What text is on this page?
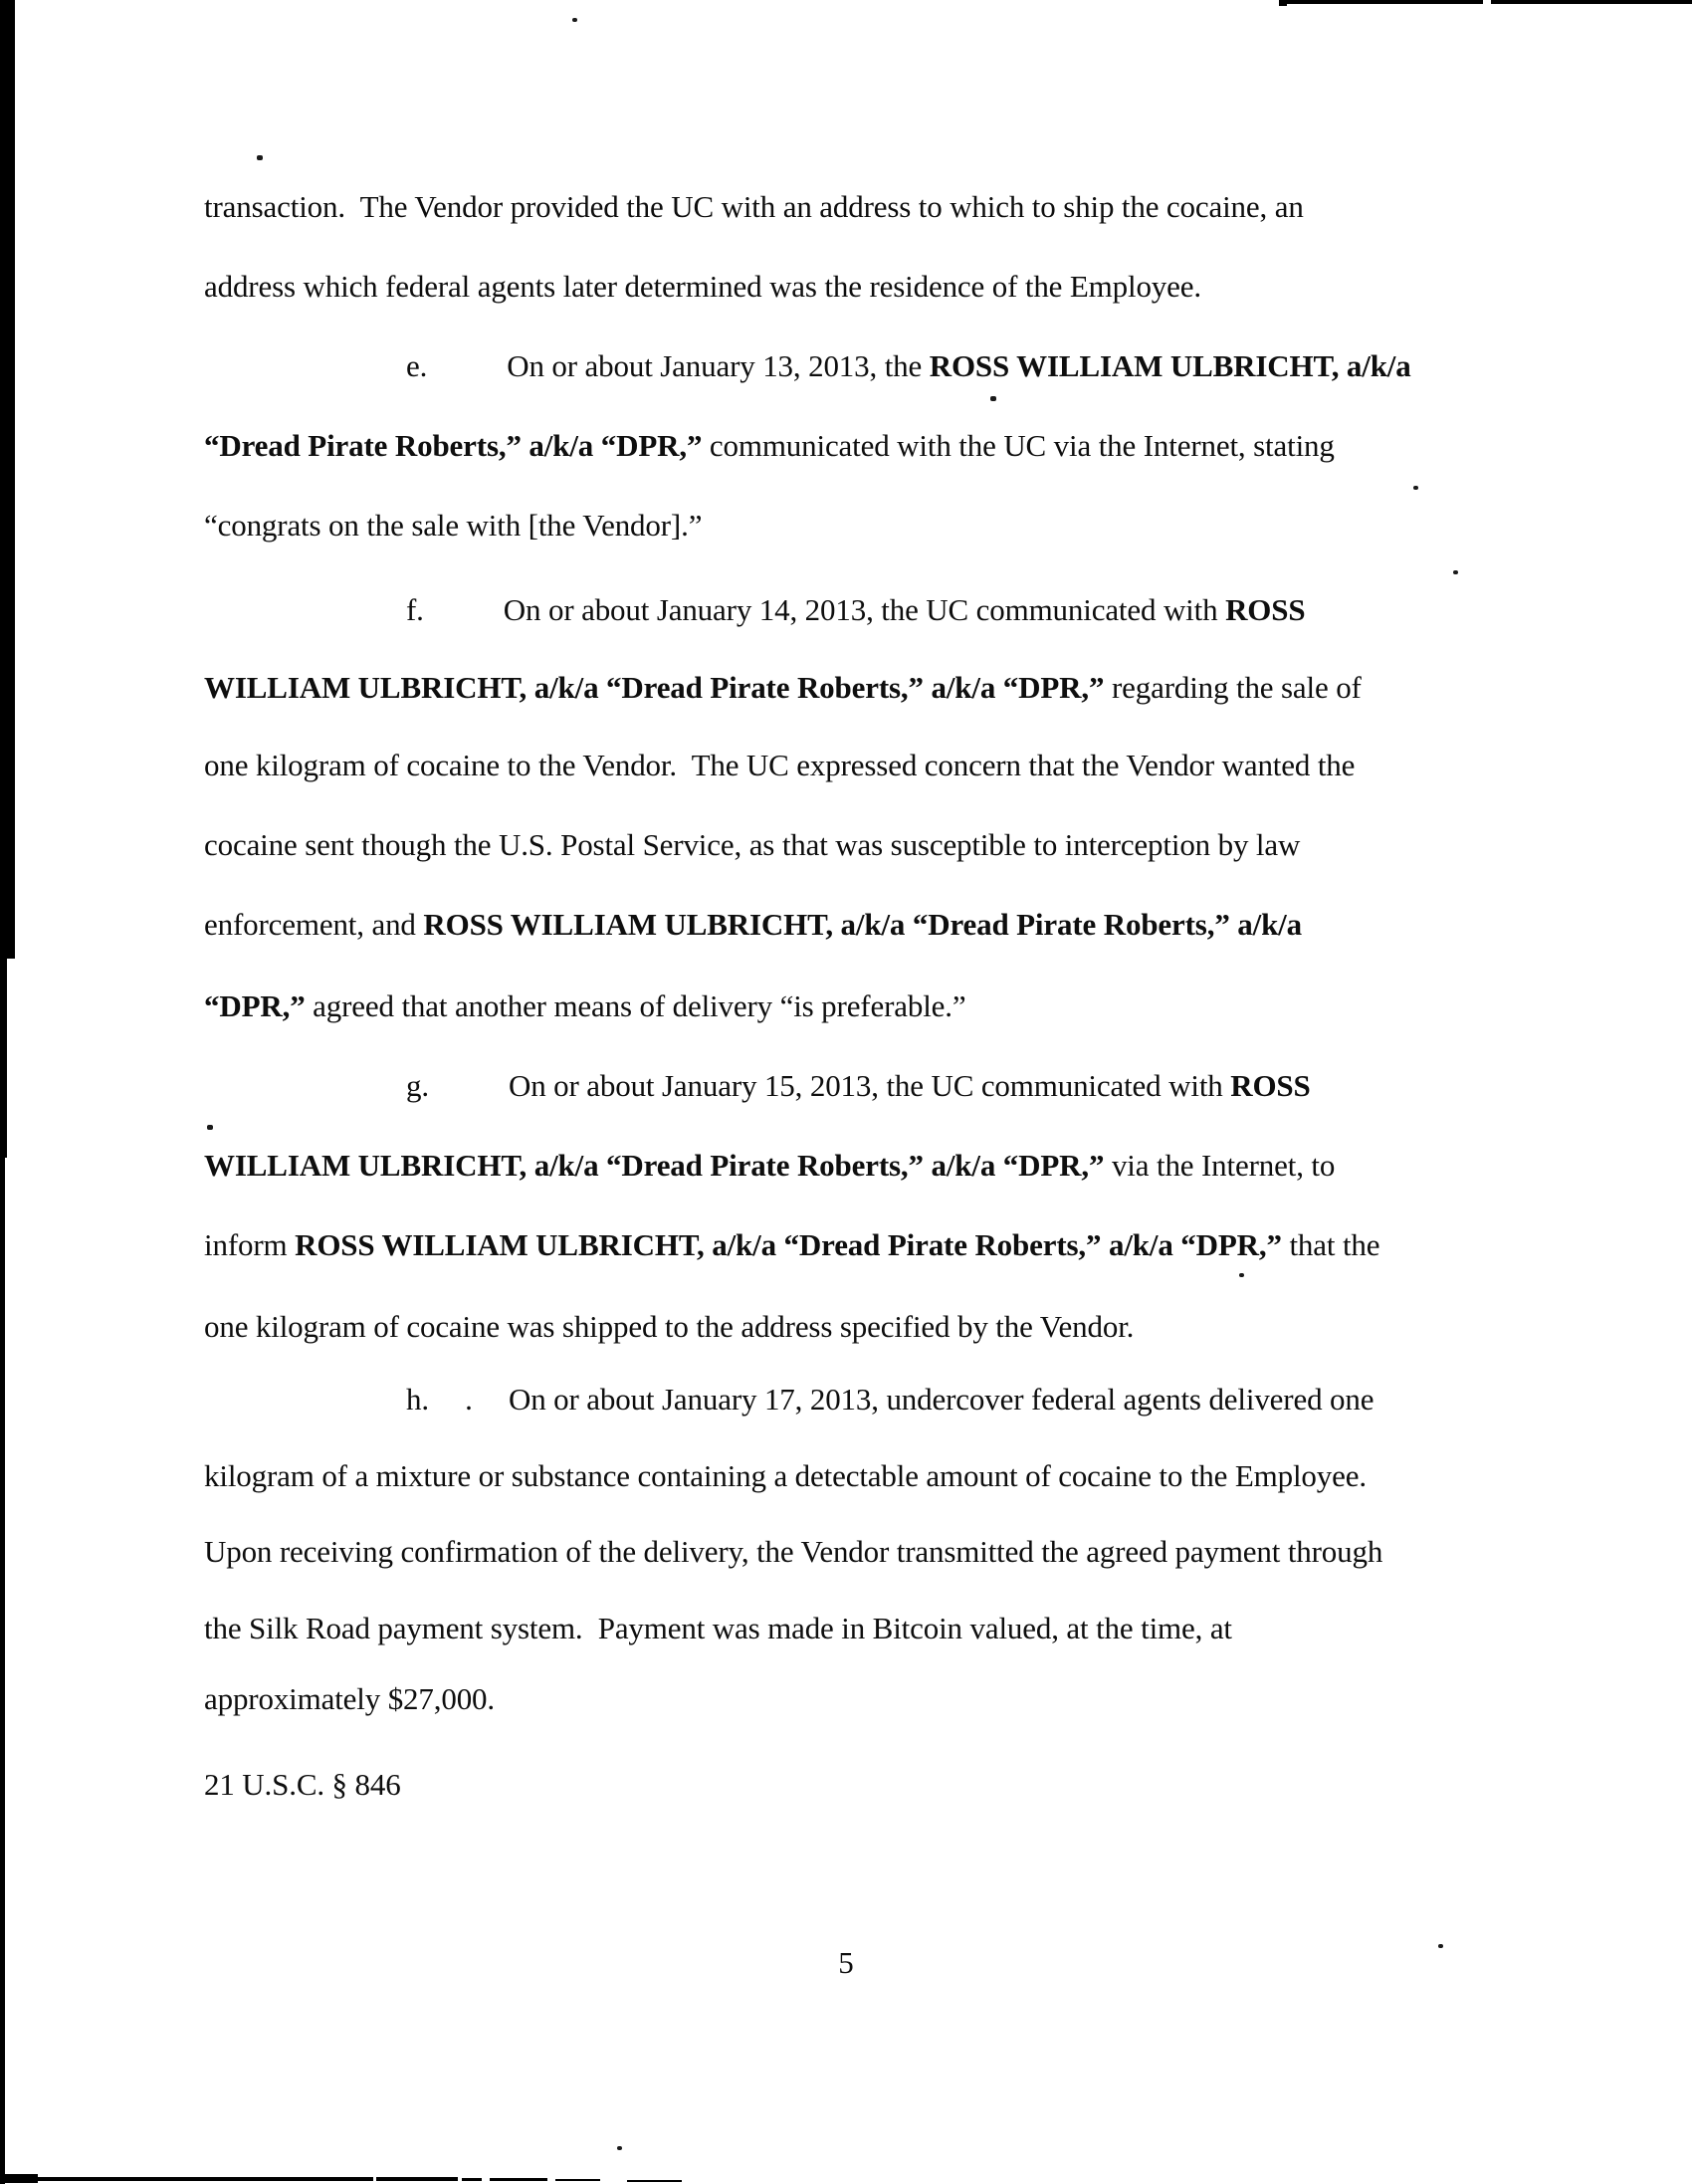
transaction.  The Vendor provided the UC with an address to which to ship the cocaine, an
address which federal agents later determined was the residence of the Employee.
e.	On or about January 13, 2013, the ROSS WILLIAM ULBRICHT, a/k/a
“Dread Pirate Roberts,” a/k/a “DPR,” communicated with the UC via the Internet, stating
“congrats on the sale with [the Vendor].”
f.	On or about January 14, 2013, the UC communicated with ROSS
WILLIAM ULBRICHT, a/k/a “Dread Pirate Roberts,” a/k/a “DPR,” regarding the sale of
one kilogram of cocaine to the Vendor.  The UC expressed concern that the Vendor wanted the
cocaine sent though the U.S. Postal Service, as that was susceptible to interception by law
enforcement, and ROSS WILLIAM ULBRICHT, a/k/a “Dread Pirate Roberts,” a/k/a
“DPR,” agreed that another means of delivery “is preferable.”
g.	On or about January 15, 2013, the UC communicated with ROSS
WILLIAM ULBRICHT, a/k/a “Dread Pirate Roberts,” a/k/a “DPR,” via the Internet, to
inform ROSS WILLIAM ULBRICHT, a/k/a “Dread Pirate Roberts,” a/k/a “DPR,” that the
one kilogram of cocaine was shipped to the address specified by the Vendor.
h. . On or about January 17, 2013, undercover federal agents delivered one
kilogram of a mixture or substance containing a detectable amount of cocaine to the Employee.
Upon receiving confirmation of the delivery, the Vendor transmitted the agreed payment through
the Silk Road payment system.  Payment was made in Bitcoin valued, at the time, at
approximately $27,000.
21 U.S.C. § 846
5
